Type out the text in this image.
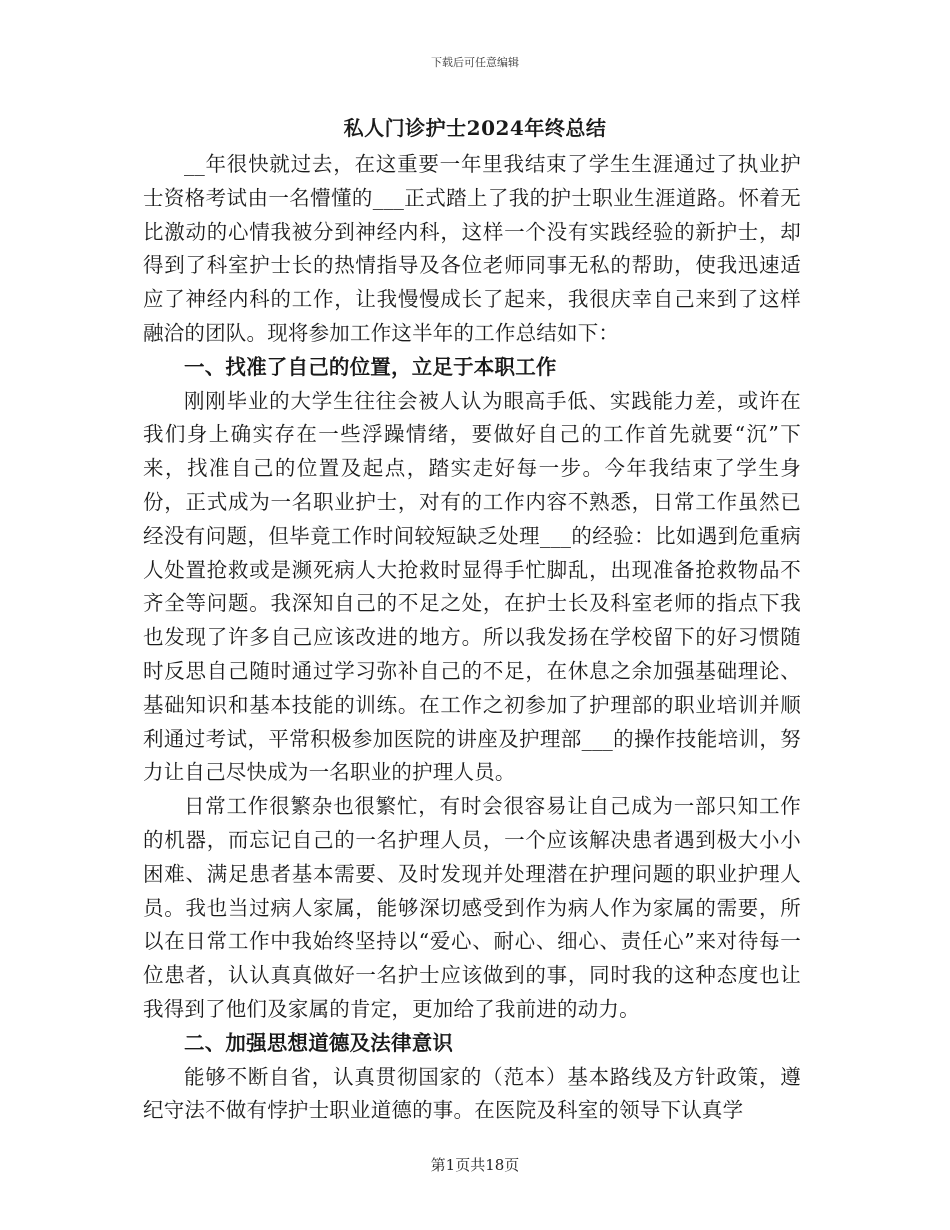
下载后可任意编辑
私人门诊护士2024年终总结

__年很快就过去，在这重要一年里我结束了学生生涯通过了执业护士资格考试由一名懵懂的___正式踏上了我的护士职业生涯道路。怀着无比激动的心情我被分到神经内科，这样一个没有实践经验的新护士，却得到了科室护士长的热情指导及各位老师同事无私的帮助，使我迅速适应了神经内科的工作，让我慢慢成长了起来，我很庆幸自己来到了这样融洽的团队。现将参加工作这半年的工作总结如下：

一、找准了自己的位置，立足于本职工作

刚刚毕业的大学生往往会被人认为眼高手低、实践能力差，或许在我们身上确实存在一些浮躁情绪，要做好自己的工作首先就要“沉”下来，找准自己的位置及起点，踏实走好每一步。今年我结束了学生身份，正式成为一名职业护士，对有的工作内容不熟悉，日常工作虽然已经没有问题，但毕竟工作时间较短缺乏处理___的经验：比如遇到危重病人处置抢救或是濒死病人大抢救时显得手忙脚乱，出现准备抢救物品不齐全等问题。我深知自己的不足之处，在护士长及科室老师的指点下我也发现了许多自己应该改进的地方。所以我发扬在学校留下的好习惯随时反思自己随时通过学习弥补自己的不足，在休息之余加强基础理论、基础知识和基本技能的训练。在工作之初参加了护理部的职业培训并顺利通过考试，平常积极参加医院的讲座及护理部___的操作技能培训，努力让自己尽快成为一名职业的护理人员。

日常工作很繁杂也很繁忙，有时会很容易让自己成为一部只知工作的机器，而忘记自己的一名护理人员，一个应该解决患者遇到极大小小困难、满足患者基本需要、及时发现并处理潜在护理问题的职业护理人员。我也当过病人家属，能够深切感受到作为病人作为家属的需要，所以在日常工作中我始终坚持以“爱心、耐心、细心、责任心”来对待每一位患者，认认真真做好一名护士应该做到的事，同时我的这种态度也让我得到了他们及家属的肯定，更加给了我前进的动力。

二、加强思想道德及法律意识

能够不断自省，认真贯彻国家的（范本）基本路线及方针政策，遵纪守法不做有悖护士职业道德的事。在医院及科室的领导下认真学

第1页共18页
